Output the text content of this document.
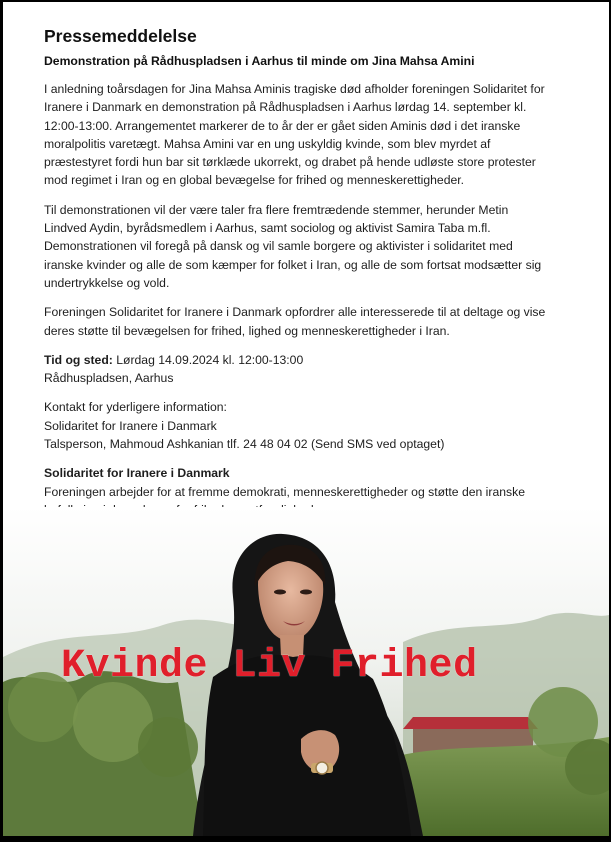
Pressemeddelelse
Demonstration på Rådhuspladsen i Aarhus til minde om Jina Mahsa Amini
I anledning toårsdagen for Jina Mahsa Aminis tragiske død afholder foreningen Solidaritet for
Iranere i Danmark en demonstration på Rådhuspladsen i Aarhus lørdag 14. september kl.
12:00-13:00. Arrangementet markerer de to år der er gået siden Aminis død i det iranske
moralpolitis varetægt. Mahsa Amini var en ung uskyldig kvinde, som blev myrdet af
præstestyret fordi hun bar sit tørklæde ukorrekt, og drabet på hende udløste store protester
mod regimet i Iran og en global bevægelse for frihed og menneskerettigheder.
Til demonstrationen vil der være taler fra flere fremtrædende stemmer, herunder Metin
Lindved Aydin, byrådsmedlem i Aarhus, samt sociolog og aktivist Samira Taba m.fl.
Demonstrationen vil foregå på dansk og vil samle borgere og aktivister i solidaritet med
iranske kvinder og alle de som kæmper for folket i Iran, og alle de som fortsat modsætter sig
undertrykkelse og vold.
Foreningen Solidaritet for Iranere i Danmark opfordrer alle interesserede til at deltage og vise
deres støtte til bevægelsen for frihed, lighed og menneskerettigheder i Iran.
Tid og sted: Lørdag 14.09.2024 kl. 12:00-13:00
Rådhuspladsen, Aarhus
Kontakt for yderligere information:
Solidaritet for Iranere i Danmark
Talsperson, Mahmoud Ashkanian tlf. 24 48 04 02 (Send SMS ved optaget)
Solidaritet for Iranere i Danmark
Foreningen arbejder for at fremme demokrati, menneskerettigheder og støtte den iranske
Kvinde Liv Frihed
